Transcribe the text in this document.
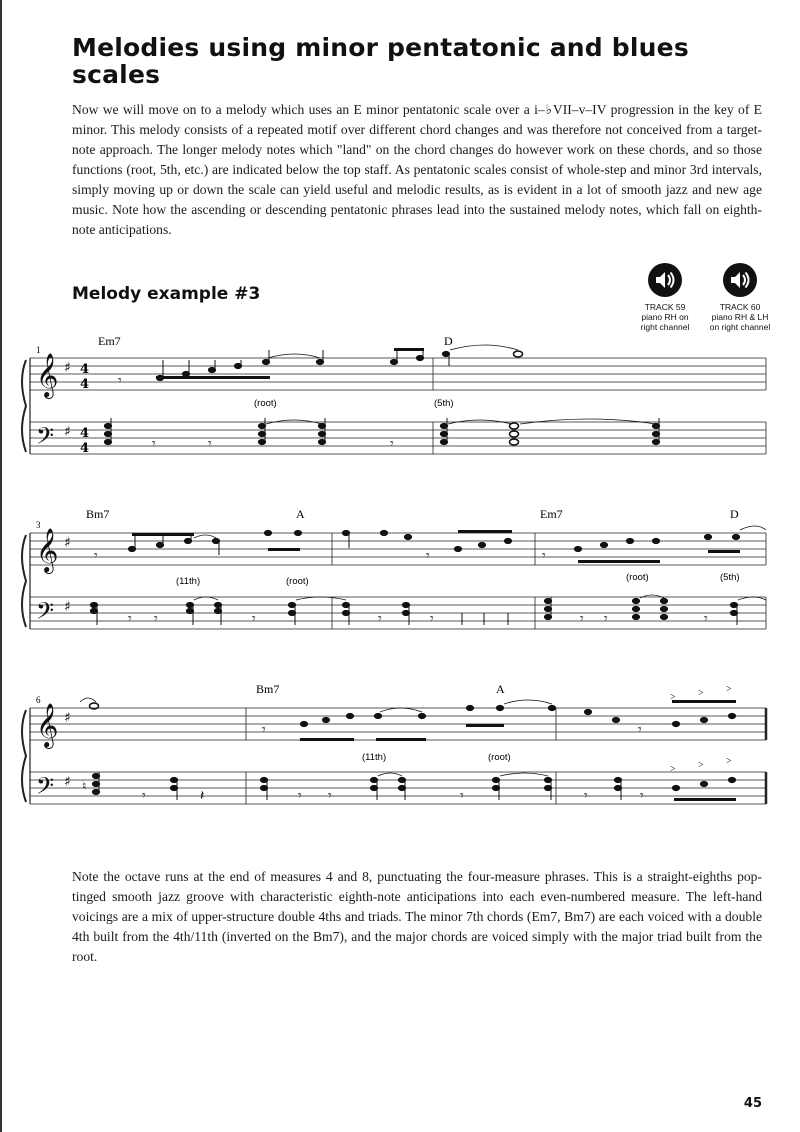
Melodies using minor pentatonic and blues scales

Now we will move on to a melody which uses an E minor pentatonic scale over a i–♭VII–v–IV progression in the key of E minor. This melody consists of a repeated motif over different chord changes and was therefore not conceived from a target-note approach. The longer melody notes which "land" on the chord changes do however work on these chords, and so those functions (root, 5th, etc.) are indicated below the top staff. As pentatonic scales consist of whole-step and minor 3rd intervals, simply moving up or down the scale can yield useful and melodic results, as is evident in a lot of smooth jazz and new age music. Note how the ascending or descending pentatonic phrases lead into the sustained melody notes, which fall on eighth-note anticipations.

Melody example #3
TRACK 59
piano RH on
right channel
TRACK 60
piano RH & LH
on right channel
𝄞
𝄢
♯
♯
𝄞
𝄢
♯
♯
𝄞
𝄢
♯
♯
4
4
4
4
1
3
6
Em7	D
Bm7	A	Em7	D
Bm7	A
(root)	(5th)
(11th)	(root)	(root)	(5th)
(11th)	(root)
𝄾
𝄾	𝄾	𝄾
𝄾	𝄾	𝄾
𝄾 𝄾	𝄾	𝄾	𝄾	𝄾 𝄾	𝄾
𝄾	𝄾
> > >
♮
𝄾	𝄽	𝄾 𝄾	𝄾	𝄾	𝄾
> > >

Note the octave runs at the end of measures 4 and 8, punctuating the four-measure phrases. This is a straight-eighths pop-tinged smooth jazz groove with characteristic eighth-note anticipations into each even-numbered measure. The left-hand voicings are a mix of upper-structure double 4ths and triads. The minor 7th chords (Em7, Bm7) are each voiced with a double 4th built from the 4th/11th (inverted on the Bm7), and the major chords are voiced simply with the major triad built from the root.

45
